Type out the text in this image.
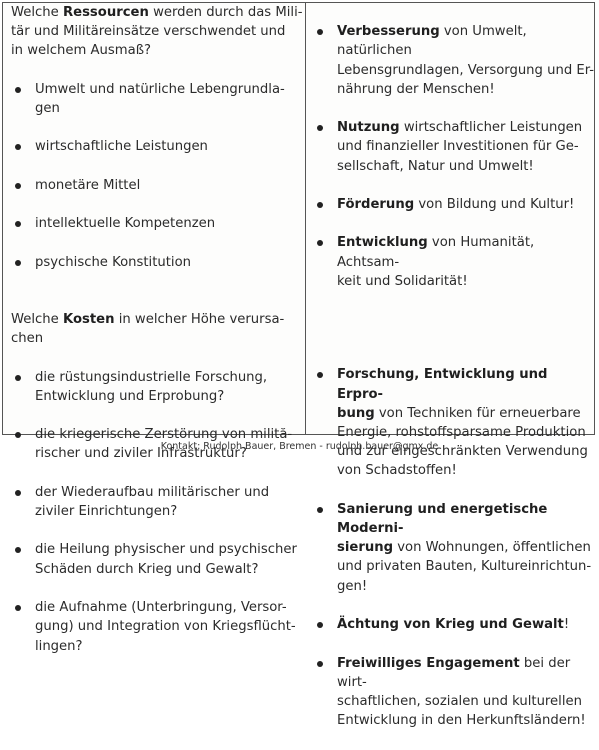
Welche Ressourcen werden durch das Mili-
tär und Militäreinsätze verschwendet und
in welchem Ausmaß?

Umwelt und natürliche Lebengrundla-
gen

wirtschaftliche Leistungen

monetäre Mittel

intellektuelle Kompetenzen

psychische Konstitution

Welche Kosten in welcher Höhe verursa-
chen

die rüstungsindustrielle Forschung,
Entwicklung und Erprobung?

die kriegerische Zerstörung von milită-
rischer und ziviler Infrastruktur?

der Wiederaufbau militärischer und
ziviler Einrichtungen?

die Heilung physischer und psychischer
Schäden durch Krieg und Gewalt?

die Aufnahme (Unterbringung, Versor-
gung) und Integration von Kriegsflücht-
lingen?

Verbesserung von Umwelt, natürlichen
Lebensgrundlagen, Versorgung und Er-
nährung der Menschen!

Nutzung wirtschaftlicher Leistungen
und finanzieller Investitionen für Ge-
sellschaft, Natur und Umwelt!

Förderung von Bildung und Kultur!

Entwicklung von Humanität, Achtsam-
keit und Solidarität!

Forschung, Entwicklung und Erpro-
bung von Techniken für erneuerbare
Energie, rohstoffsparsame Produktion
und zur eingeschränkten Verwendung
von Schadstoffen!

Sanierung und energetische Moderni-
sierung von Wohnungen, öffentlichen
und privaten Bauten, Kultureinrichtun-
gen!

Ächtung von Krieg und Gewalt!

Freiwilliges Engagement bei der wirt-
schaftlichen, sozialen und kulturellen
Entwicklung in den Herkunftsländern!

Kontakt: Rudolph Bauer, Bremen - rudolph.bauer@gmx.de
